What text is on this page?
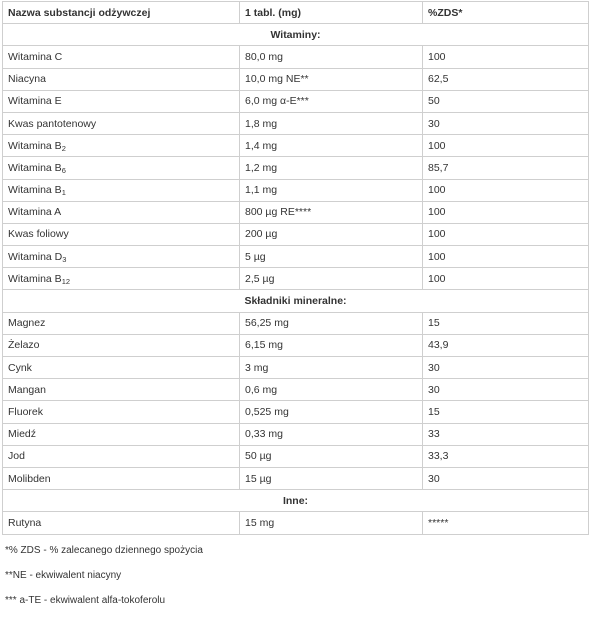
Nazwa substancji odżywczej	1 tabl. (mg)	%ZDS*
Witaminy:		
Witamina C	80,0 mg	100
Niacyna	10,0 mg NE**	62,5
Witamina E	6,0 mg α-E***	50
Kwas pantotenowy	1,8 mg	30
Witamina $B_2$	1,4 mg	100
Witamina $B_6$	1,2 mg	85,7
Witamina $B_1$	1,1 mg	100
Witamina A	800 µg RE****	100
Kwas foliowy	200 µg	100
Witamina $D_3$	5 µg	100
Witamina $B_{12}$	2,5 µg	100
Składniki mineralne:		
Magnez	56,25 mg	15
Żelazo	6,15 mg	43,9
Cynk	3 mg	30
Mangan	0,6 mg	30
Fluorek	0,525 mg	15
Miedź	0,33 mg	33
Jod	50 µg	33,3
Molibden	15 µg	30
Inne:		
Rutyna	15 mg	*****

*% ZDS - % zalecanego dziennego spożycia

**NE - ekwiwalent niacyny

*** a-TE - ekwiwalent alfa-tokoferolu
